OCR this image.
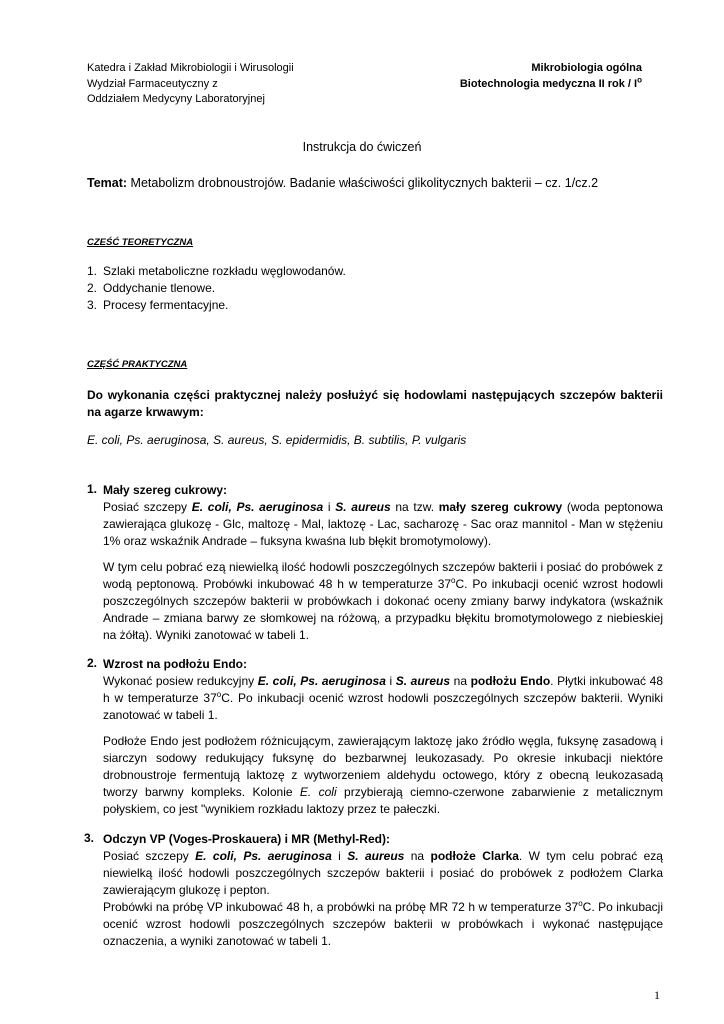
Katedra i Zakład Mikrobiologii i Wirusologii
Wydział Farmaceutyczny z
Oddziałem Medycyny Laboratoryjnej
Mikrobiologia ogólna
Biotechnologia medyczna II rok / $I^o$
Instrukcja do ćwiczeń
Temat: Metabolizm drobnoustrojów. Badanie właściwości glikolitycznych bakterii – cz. 1/cz.2
CZEŚĆ TEORETYCZNA
1. Szlaki metaboliczne rozkładu węglowodanów.
2. Oddychanie tlenowe.
3. Procesy fermentacyjne.
CZĘŚĆ PRAKTYCZNA
Do wykonania części praktycznej należy posłużyć się hodowlami następujących szczepów bakterii na agarze krwawym:
E. coli, Ps. aeruginosa, S. aureus, S. epidermidis, B. subtilis, P. vulgaris
1. Mały szereg cukrowy:

Posiać szczepy E. coli, Ps. aeruginosa i S. aureus na tzw. mały szereg cukrowy (woda peptonowa zawierająca glukozę - Glc, maltozę - Mal, laktozę - Lac, sacharozę - Sac oraz mannitol - Man w stężeniu 1% oraz wskaźnik Andrade – fuksyna kwaśna lub błękit bromotymolowy).

W tym celu pobrać ezą niewielką ilość hodowli poszczególnych szczepów bakterii i posiać do probówek z wodą peptonową. Probówki inkubować 48 h w temperaturze 37$^o$C. Po inkubacji ocenić wzrost hodowli poszczególnych szczepów bakterii w probówkach i dokonać oceny zmiany barwy indykatora (wskaźnik Andrade – zmiana barwy ze słomkowej na różową, a przypadku błękitu bromotymolowego z niebieskiej na żółtą). Wyniki zanotować w tabeli 1.

2. Wzrost na podłożu Endo:

Wykonać posiew redukcyjny E. coli, Ps. aeruginosa i S. aureus na podłożu Endo. Płytki inkubować 48 h w temperaturze 37$^o$C. Po inkubacji ocenić wzrost hodowli poszczególnych szczepów bakterii. Wyniki zanotować w tabeli 1.

Podłoże Endo jest podłożem różnicującym, zawierającym laktozę jako źródło węgla, fuksynę zasadową i siarczyn sodowy redukujący fuksynę do bezbarwnej leukozasady. Po okresie inkubacji niektóre drobnoustroje fermentują laktozę z wytworzeniem aldehydu octowego, który z obecną leukozasadą tworzy barwny kompleks. Kolonie E. coli przybierają ciemno-czerwone zabarwienie z metalicznym połyskiem, co jest "wynikiem rozkładu laktozy przez te pałeczki.

3. Odczyn VP (Voges-Proskauera) i MR (Methyl-Red):

Posiać szczepy E. coli, Ps. aeruginosa i S. aureus na podłoże Clarka. W tym celu pobrać ezą niewielką ilość hodowli poszczególnych szczepów bakterii i posiać do probówek z podłożem Clarka zawierającym glukozę i pepton.

Probówki na próbę VP inkubować 48 h, a probówki na próbę MR 72 h w temperaturze 37$^o$C. Po inkubacji ocenić wzrost hodowli poszczególnych szczepów bakterii w probówkach i wykonać następujące oznaczenia, a wyniki zanotować w tabeli 1.

1
